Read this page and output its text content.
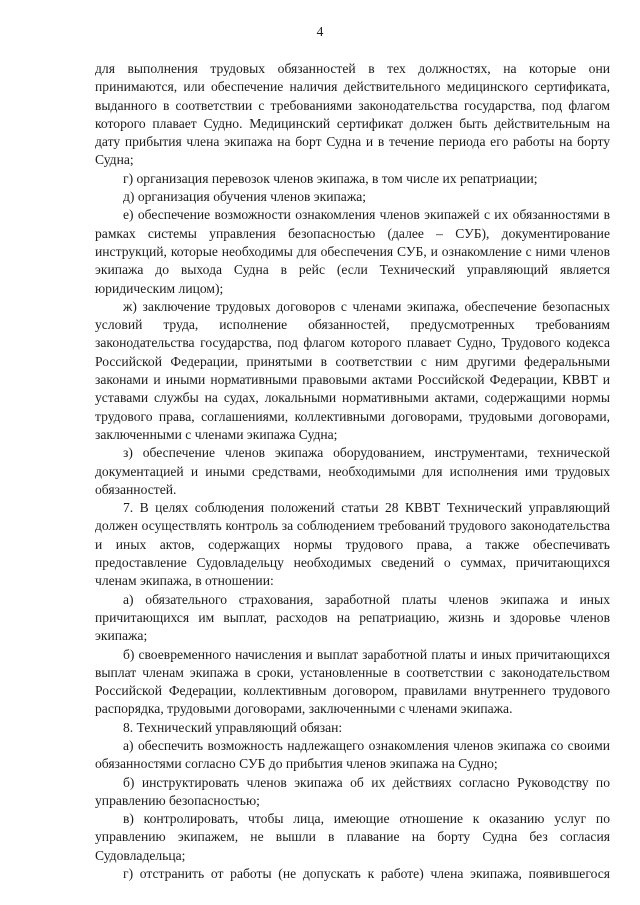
4

для выполнения трудовых обязанностей в тех должностях, на которые они принимаются, или обеспечение наличия действительного медицинского сертификата, выданного в соответствии с требованиями законодательства государства, под флагом которого плавает Судно. Медицинский сертификат должен быть действительным на дату прибытия члена экипажа на борт Судна и в течение периода его работы на борту Судна;

г) организация перевозок членов экипажа, в том числе их репатриации;

д) организация обучения членов экипажа;

е) обеспечение возможности ознакомления членов экипажей с их обязанностями в рамках системы управления безопасностью (далее – СУБ), документирование инструкций, которые необходимы для обеспечения СУБ, и ознакомление с ними членов экипажа до выхода Судна в рейс (если Технический управляющий является юридическим лицом);

ж) заключение трудовых договоров с членами экипажа, обеспечение безопасных условий труда, исполнение обязанностей, предусмотренных требованиям законодательства государства, под флагом которого плавает Судно, Трудового кодекса Российской Федерации, принятыми в соответствии с ним другими федеральными законами и иными нормативными правовыми актами Российской Федерации, КВВТ и уставами службы на судах, локальными нормативными актами, содержащими нормы трудового права, соглашениями, коллективными договорами, трудовыми договорами, заключенными с членами экипажа Судна;

з) обеспечение членов экипажа оборудованием, инструментами, технической документацией и иными средствами, необходимыми для исполнения ими трудовых обязанностей.

7. В целях соблюдения положений статьи 28 КВВТ Технический управляющий должен осуществлять контроль за соблюдением требований трудового законодательства и иных актов, содержащих нормы трудового права, а также обеспечивать предоставление Судовладельцу необходимых сведений о суммах, причитающихся членам экипажа, в отношении:

а) обязательного страхования, заработной платы членов экипажа и иных причитающихся им выплат, расходов на репатриацию, жизнь и здоровье членов экипажа;

б) своевременного начисления и выплат заработной платы и иных причитающихся выплат членам экипажа в сроки, установленные в соответствии с законодательством Российской Федерации, коллективным договором, правилами внутреннего трудового распорядка, трудовыми договорами, заключенными с членами экипажа.

8. Технический управляющий обязан:

а) обеспечить возможность надлежащего ознакомления членов экипажа со своими обязанностями согласно СУБ до прибытия членов экипажа на Судно;

б) инструктировать членов экипажа об их действиях согласно Руководству по управлению безопасностью;

в) контролировать, чтобы лица, имеющие отношение к оказанию услуг по управлению экипажем, не вышли в плавание на борту Судна без согласия Судовладельца;

г) отстранить от работы (не допускать к работе) члена экипажа, появившегося
